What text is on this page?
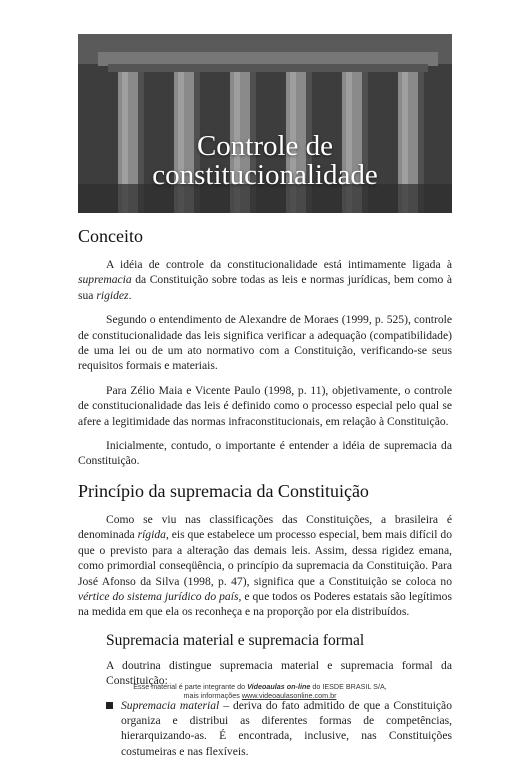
Controle de
constitucionalidade
Conceito

A idéia de controle da constitucionalidade está intimamente ligada à supremacia da Constituição sobre todas as leis e normas jurídicas, bem como à sua rigidez.

Segundo o entendimento de Alexandre de Moraes (1999, p. 525), controle de constitucionalidade das leis significa verificar a adequação (compatibilidade) de uma lei ou de um ato normativo com a Constituição, verificando-se seus requisitos formais e materiais.

Para Zélio Maia e Vicente Paulo (1998, p. 11), objetivamente, o controle de constitucionalidade das leis é definido como o processo especial pelo qual se afere a legitimidade das normas infraconstitucionais, em relação à Constituição.

Inicialmente, contudo, o importante é entender a idéia de supremacia da Constituição.

Princípio da supremacia da Constituição

Como se viu nas classificações das Constituições, a brasileira é denominada rígida, eis que estabelece um processo especial, bem mais difícil do que o previsto para a alteração das demais leis. Assim, dessa rigidez emana, como primordial conseqüência, o princípio da supremacia da Constituição. Para José Afonso da Silva (1998, p. 47), significa que a Constituição se coloca no vértice do sistema jurídico do país, e que todos os Poderes estatais são legítimos na medida em que ela os reconheça e na proporção por ela distribuídos.

Supremacia material e supremacia formal

A doutrina distingue supremacia material e supremacia formal da Constituição:

Supremacia material – deriva do fato admitido de que a Constituição organiza e distribui as diferentes formas de competências, hierarquizando-as. É encontrada, inclusive, nas Constituições costumeiras e nas flexíveis.
Esse material é parte integrante do Videoaulas on-line do IESDE BRASIL S/A,
mais informações www.videoaulasonline.com.br
